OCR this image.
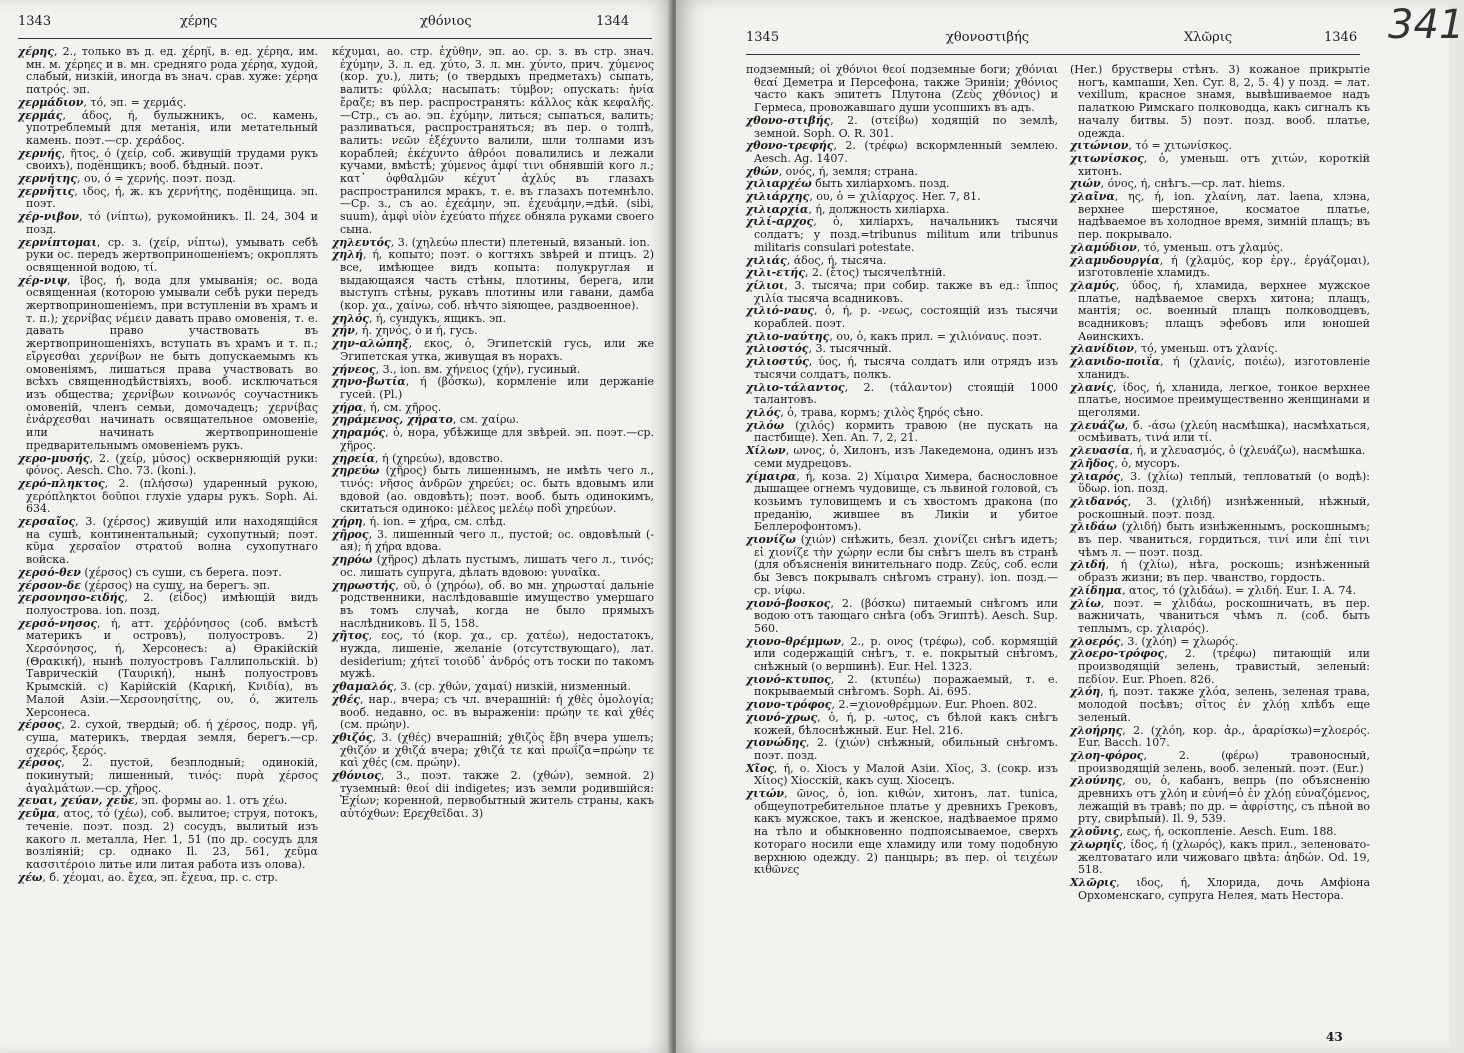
1343	χέρης	χθόνιος	1344

χέρης, 2., только въ д. ед. χέρηϊ, в. ед. χέρηα, им. мн. м. χέρηες и в. мн. средняго рода χέρηα, худой, слабый, низкій, иногда въ знач. срав. хуже: χέρηα πατρός. эп.

χερμάδιον, τό, эп. = χερμάς.

χερμάς, άδος, ή, булыжникъ, ос. камень, употреблемый для метанія, или метательный камень. поэт.—ср. χεράδος.

χερνής, ῆτος, ό (χείρ, соб. живущій трудами рукъ своихъ), подёнщикъ; вооб. бѣдный. поэт.

χερνήτης, ου, ό = χερνής. поэт. позд.

χερνῆτις, ιδος, ή, ж. къ χερνήτης, подёнщица. эп. поэт.

χέρ-νιβον, τό (νίπτω), рукомойникъ. Il. 24, 304 и позд.

χερνίπτομαι, ср. з. (χείρ, νίπτω), умывать себѣ руки ос. передъ жертвоприношеніемъ; окроплять освященной водою, τί.

χέρ-νιψ, ῖβος, ή, вода для умыванія; ос. вода освященная (которою умывали себѣ руки передъ жертвоприношеніемъ, при вступленіи въ храмъ и т. п.); χερνίβας νέμειν давать право омовенія, т. е. давать право участвовать въ жертвоприношеніяхъ, вступать въ храмъ и т. п.; εἴργεσθαι χερνίβων не быть допускаемымъ къ омовеніямъ, лишаться права участвовать во всѣхъ священнодѣйствіяхъ, вооб. исключаться изъ общества; χερνίβων κοινωνός соучастникъ омовеній, членъ семьи, домочадецъ; χερνίβας ἐνάρχεσθαι начинать освящательное омовеніе, или начинать жертвоприношеніе предварительнымъ омовеніемъ рукъ.

χερο-μυσής, 2. (χείρ, μύσος) оскверняющій руки: φόνος. Aesch. Cho. 73. (koni.).

χερό-πληκτος, 2. (πλήσσω) ударенный рукою, χερόπληκτοι δοῦποι глухіе удары рукъ. Soph. Ai. 634.

χερσαῖος, 3. (χέρσος) живущій или находящійся на сушѣ, континентальный; сухопутный; поэт. κῦμα χερσαῖον στρατοῦ волна сухопутнаго войска.

χερσό-θεν (χέρσος) съ суши, съ берега. поэт.

χέρσον-δε (χέρσος) на сушу, на берегъ. эп.

χερσονησο-ειδής, 2. (εἶδος) имѣющій видъ полуострова. ion. позд.

χερσό-νησος, ή, атт. χεῤῥόνησος (соб. вмѣстѣ материкъ и островъ), полуостровъ. 2) Χερσόνησος, ή, Херсонесъ: a) Ѳракійскій (Θρακική), нынѣ полуостровъ Галлипольскій. b) Таврическій (Ταυρική), нынѣ полуостровъ Крымскій. c) Карійскій (Καρική, Κνιδία), въ Малой Азіи.—Χερσονησίτης, ου, ό, житель Херсонеса.

χέρσος, 2. сухой, твердый; об. ή χέρσος, подр. γῆ, суша, материкъ, твердая земля, берегъ.—ср. σχερός, ξερός.

χέρσος, 2. пустой, безплодный; одинокій, покинутый; лишенный, τινός: πυρὰ χέρσος ἀγαλμάτων.—ср. χῆρος.

χευαι, χεύαν, χεῦε, эп. формы ао. 1. отъ χέω.

χεῦμα, ατος, τό (χέω), соб. вылитое; струя, потокъ, теченіе. поэт. позд. 2) сосудъ, вылитый изъ какого л. металла, Her. 1, 51 (по др. сосудъ для возліяній; ср. однако Il. 23, 561, χεῦμα κασσιτέροιο литье или литая работа изъ олова).

χέω, б. χέομαι, ао. ἔχεα, эп. ἔχευα, пр. с. стр.

κέχυμαι, ао. стр. ἐχύθην, эп. ао. ср. з. въ стр. знач. ἐχύμην, 3. л. ед. χύτο, 3. л. мн. χύντο, прич. χύμενος (кор. χυ.), лить; (о твердыхъ предметахъ) сыпать, валить: φύλλα; насыпать: τύμβον; опускать: ἡνία ἔραζε; въ пер. распространять: κάλλος κὰκ κεφαλῆς.—Стр., съ ао. эп. ἐχύμην, литься; сыпаться, валить; разливаться, распространяться; въ пер. о толпѣ, валить: νεῶν ἐξέχυντο валили, шли толпами изъ кораблей; ἐκέχυντο ἀθρόοι повалились и лежали кучами, вмѣстѣ; χύμενος ἀμφί τινι обнявшій кого л.; κατ᾽ ὀφθαλμῶν κέχυτ᾽ ἀχλύς въ глазахъ распространился мракъ, т. е. въ глазахъ потемнѣло.—Ср. з., съ ао. ἐχεάμην, эп. ἐχευάμην,=дѣй. (sibi, suum), ἀμφὶ υἱὸν ἐχεύατο πήχεε обняла руками своего сына.

χηλευτός, 3. (χηλεύω плести) плетеный, вязаный. ion.

χηλή, ή, копыто; поэт. о когтяхъ звѣрей и птицъ. 2) все, имѣющее видъ копыта: полукруглая и выдающаяся часть стѣны, плотины, берега, или выступъ стѣны, рукавъ плотины или гавани, дамба (кор. χα., χαίνω, соб. нѣчто зіяющее, раздвоенное).

χηλός, ή, сундукъ, ящикъ. эп.

χήν, ή. χηνός, ὁ и ή, гусь.

χην-αλώπηξ, εκος, ὁ, Эгипетскій гусь, или же Эгипетская утка, живущая въ норахъ.

χήνεος, 3., ion. вм. χήνειος (χήν), гусиный.

χηνο-βωτία, ή (βόσκω), кормленіе или держаніе гусей. (Pl.)

χήρα, ή, см. χῆρος.

χηράμενος, χήρατο, см. χαίρω.

χηραμός, ὁ, нора, убѣжище для звѣрей. эп. поэт.—ср. χῆρος.

χηρεία, ή (χηρεύω), вдовство.

χηρεύω (χῆρος) быть лишеннымъ, не имѣть чего л., τινός: νῆσος ἀνδρῶν χηρεύει; ос. быть вдовымъ или вдовой (ао. овдовѣть); поэт. вооб. быть одинокимъ, скитаться одиноко: μέλεος μελέῳ ποδὶ χηρεύων.

χήρη, ή. ion. = χήρα, см. слѣд.

χῆρος, 3. лишенный чего л., пустой; ос. овдовѣлый (-ая); ή χήρα вдова.

χηρόω (χῆρος) дѣлать пустымъ, лишать чего л., τινός; ос. лишать супруга, дѣлать вдовою: γυναῖκα.

χηρωστής, οῦ, ὁ (χηρόω), об. во мн. χηρωσταί дальніе родственники, наслѣдовавшіе имущество умершаго въ томъ случаѣ, когда не было прямыхъ наслѣдниковъ. Il 5, 158.

χῆτος, εος, τό (кор. χα., ср. χατέω), недостатокъ, нужда, лишеніе, желаніе (отсутствующаго), лат. desiderium; χήτεϊ τοιοῦδ᾽ ἀνδρός отъ тоски по такомъ мужѣ.

χθαμαλός, 3. (ср. χθών, χαμαί) низкій, низменный.

χθές, нар., вчера; съ чл. вчерашній: ή χθὲς ὁμολογία; вооб. недавно, ос. въ выраженіи: πρώην τε καὶ χθές (см. πρώην).

χθιζός, 3. (χθές) вчерашній; χθιζὸς ἔβη вчера ушелъ; χθιζόν и χθιζά вчера; χθιζά τε καὶ πρωΐζα=πρώην τε καὶ χθές (см. πρώην).

χθόνιος, 3., поэт. также 2. (χθών), земной. 2) туземный: θεοί dii indigetes; изъ земли родившійся: Ἐχίων; коренной, первобытный житель страны, какъ αὐτόχθων: Ερεχθεῖδαι. 3)

1345	χθονοστιβής	Χλῶρις	1346 341

подземный; οἱ χθόνιοι θεοί подземные боги; χθόνιαι θεαί Деметра и Персефона, также Эриніи; χθόνιος часто какъ эпитетъ Плутона (Ζεὺς χθόνιος) и Гермеса, провожавшаго души усопшихъ въ адъ.

χθονο-στιβής, 2. (στείβω) ходящій по землѣ, земной. Soph. O. R. 301.

χθονο-τρεφής, 2. (τρέφω) вскормленный землею. Aesch. Ag. 1407.

χθών, ονός, ή, земля; страна.

χιλιαρχέω быть хиліархомъ. позд.

χιλιάρχης, ου, ὁ = χιλίαρχος. Her. 7, 81.

χιλιαρχία, ή, должность хиліарха.

χιλί-αρχος, ὁ, хиліархъ, начальникъ тысячи солдатъ; у позд.=tribunus militum или tribunus militaris consulari potestate.

χιλιάς, άδος, ή, тысяча.

χιλι-ετής, 2. (ἔτος) тысячелѣтній.

χίλιοι, 3. тысяча; при собир. также въ ед.: ἵππος χιλία тысяча всадниковъ.

χιλιό-ναυς, ὁ, ή, р. -νεως, состоящій изъ тысячи кораблей. поэт.

χιλιο-ναύτης, ου, ὁ, какъ прил. = χιλιόναυς. поэт.

χιλιοστός, 3. тысячный.

χιλιοστύς, ύος, ή, тысяча солдатъ или отрядъ изъ тысячи солдатъ, полкъ.

χιλιο-τάλαντος, 2. (τάλαντον) стоящій 1000 талантовъ.

χιλός, ὁ, трава, кормъ; χιλὸς ξηρός сѣно.

χιλόω (χιλός) кормить травою (не пускать на пастбище). Xen. An. 7, 2, 21.

Χίλων, ωνος, ὁ, Хилонъ, изъ Лакедемона, одинъ изъ семи мудрецовъ.

χίμαιρα, ή, коза. 2) Χίμαιρα Химера, баснословное дышащее огнемъ чудовище, съ львиной головой, съ козьимъ туловищемъ и съ хвостомъ дракона (по преданію, жившее въ Ликіи и убитое Беллерофонтомъ).

χιονίζω (χιών) снѣжить, безл. χιονίζει снѣгъ идетъ; εἰ χιονίζε τὴν χώρην если бы снѣгъ шелъ въ странѣ (для объясненія винительнаго подр. Ζεύς, соб. если бы Зевсъ покрывалъ снѣгомъ страну). ion. позд.—ср. νίφω.

χιονό-βοσκος, 2. (βόσκω) питаемый снѣгомъ или водою отъ тающаго снѣга (объ Эгиптѣ). Aesch. Sup. 560.

χιονο-θρέμμων, 2., р. ονος (τρέφω), соб. кормящій или содержащій снѣгъ, т. е. покрытый снѣгомъ, снѣжный (о вершинѣ). Eur. Hel. 1323.

χιονό-κτυπος, 2. (κτυπέω) поражаемый, т. е. покрываемый снѣгомъ. Soph. Ai. 695.

χιονο-τρόφος, 2.=χιονοθρέμμων. Eur. Phoen. 802.

χιονό-χρως, ὁ, ή, р. -ωτος, съ бѣлой какъ снѣгъ кожей, бѣлоснѣжный. Eur. Hel. 216.

χιονώδης, 2. (χιών) снѣжный, обильный снѣгомъ. поэт. позд.

Χῖος, ή, о. Хіосъ у Малой Азіи. Χῖος, 3. (сокр. изъ Χίιος) Хіосскій, какъ сущ. Хіосецъ.

χιτών, ῶνος, ὁ, ion. κιθών, хитонъ, лат. tunica, общеупотребительное платье у древнихъ Грековъ, какъ мужское, такъ и женское, надѣваемое прямо на тѣло и обыкновенно подпоясываемое, сверхъ котораго носили еще хламиду или тому подобную верхнюю одежду. 2) панцырь; въ пер. οἱ τειχέων κιθῶνες

(Her.) брустверы стѣнъ. 3) кожаное прикрытіе ногъ, кампаши, Xen. Cyr. 8, 2, 5. 4) у позд. = лат. vexillum, красное знамя, вывѣшиваемое надъ палаткою Римскаго полководца, какъ сигналъ къ началу битвы. 5) поэт. позд. вооб. платье, одежда.

χιτώνιον, τό = χιτωνίσκος.

χιτωνίσκος, ὁ, уменьш. отъ χιτών, короткій хитонъ.

χιών, όνος, ή, снѣгъ.—ср. лат. hiems.

χλαῖνα, ης, ή, ion. χλαίνη, лат. laena, хлэна, верхнее шерстяное, косматое платье, надѣваемое въ холодное время, зимній плащъ; въ пер. покрывало.

χλαμύδιον, τό, уменьш. отъ χλαμύς.

χλαμυδουργία, ή (χλαμύς, кор ἐργ., ἐργάζομαι), изготовленіе хламидъ.

χλαμύς, ύδος, ή, хламида, верхнее мужское платье, надѣваемое сверхъ хитона; плащъ, мантія; ос. военный плащъ полководцевъ, всадниковъ; плащъ эфебовъ или юношей Аѳинскихъ.

χλανίδιον, τό, уменьш. отъ χλανίς.

χλανιδο-ποιΐα, ή (χλανίς, ποιέω), изготовленіе хланидъ.

χλανίς, ίδος, ή, хланида, легкое, тонкое верхнее платье, носимое преимущественно женщинами и щеголями.

χλευάζω, б. -άσω (χλεύη насмѣшка), насмѣхаться, осмѣивать, τινά или τί.

χλευασία, ή, и χλευασμός, ὁ (χλευάζω), насмѣшка.

χλῆδος, ὁ, мусоръ.

χλιαρός, 3. (χλίω) теплый, тепловатый (о водѣ): ὕδωρ. ion. позд.

χλιδανός, 3. (χλιδή) изнѣженный, нѣжный, роскошный. поэт. позд.

χλιδάω (χλιδή) быть изнѣженнымъ, роскошнымъ; въ пер. чваниться, гордиться, τινί или ἐπί τινι чѣмъ л. — поэт. позд.

χλιδή, ή (χλίω), нѣга, роскошь; изнѣженный образъ жизни; въ пер. чванство, гордость.

χλίδημα, ατος, τό (χλιδάω). = χλιδή. Eur. I. A. 74.

χλίω, поэт. = χλιδάω, роскошничать, въ пер. важничать, чваниться чѣмъ л. (соб. быть теплымъ, ср. χλιαρός).

χλοερός, 3. (χλόη) = χλωρός.

χλοερο-τρόφος, 2. (τρέφω) питающій или производящій зелень, травистый, зеленый: πεδίον. Eur. Phoen. 826.

χλόη, ή, поэт. также χλόα, зелень, зеленая трава, молодой посѣвъ; σῖτος ἐν χλόῃ хлѣбъ еще зеленый.

χλοήρης, 2. (χλόη, кор. ἀρ., ἀραρίσκω)=χλοερός. Eur. Bacch. 107.

χλοη-φόρος, 2. (φέρω) травоносный, производящій зелень, вооб. зеленый. поэт. (Eur.)

χλούνης, ου, ὁ, кабанъ, вепрь (по объясненію древнихъ отъ χλόη и εὐνή=ὁ ἐν χλόῃ εὐναζόμενος, лежащій въ травѣ; по др. = ἀφρίστης, съ пѣной во рту, свирѣпый). Il. 9, 539.

χλοῦνις, εως, ή, оскопленіе. Aesch. Eum. 188.

χλωρηΐς, ίδος, ή (χλωρός), какъ прил., зеленовато-желтоватаго или чижоваго цвѣта: ἀηδών. Od. 19, 518.

Χλῶρις, ιδος, ή, Хлорида, дочь Амфіона Орхоменскаго, супруга Нелея, мать Нестора.

43
